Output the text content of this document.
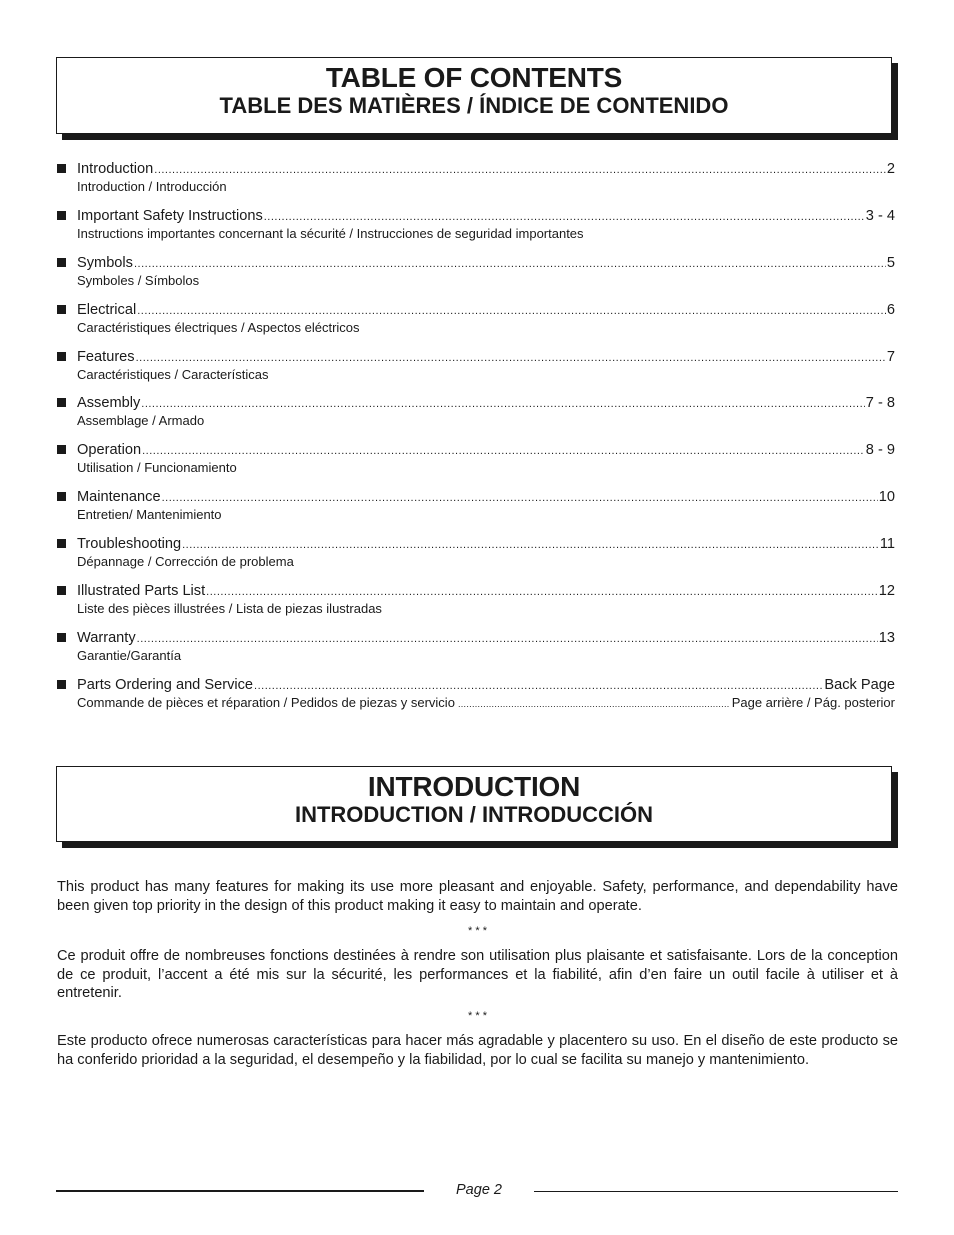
TABLE OF CONTENTS
TABLE DES MATIÈRES / ÍNDICE DE CONTENIDO
Introduction .....	2
Introduction / Introducción
Important Safety Instructions .....	3 - 4
Instructions importantes concernant la sécurité / Instrucciones de seguridad importantes
Symbols .....	5
Symboles / Símbolos
Electrical .....	6
Caractéristiques électriques / Aspectos eléctricos
Features .....	7
Caractéristiques / Características
Assembly .....	7 - 8
Assemblage / Armado
Operation .....	8 - 9
Utilisation / Funcionamiento
Maintenance .....	10
Entretien/ Mantenimiento
Troubleshooting .....	11
Dépannage / Corrección de problema
Illustrated Parts List .....	12
Liste des pièces illustrées / Lista de piezas ilustradas
Warranty .....	13
Garantie/Garantía
Parts Ordering and Service .....	Back Page
Commande de pièces et réparation / Pedidos de piezas y servicio .....	Page arrière / Pág. posterior
INTRODUCTION
INTRODUCTION / INTRODUCCIÓN
This product has many features for making its use more pleasant and enjoyable. Safety, performance, and dependability have been given top priority in the design of this product making it easy to maintain and operate.
* * *
Ce produit offre de nombreuses fonctions destinées à rendre son utilisation plus plaisante et satisfaisante. Lors de la conception de ce produit, l’accent a été mis sur la sécurité, les performances et la fiabilité, afin d’en faire un outil facile à utiliser et à entretenir.
* * *
Este producto ofrece numerosas características para hacer más agradable y placentero su uso. En el diseño de este producto se ha conferido prioridad a la seguridad, el desempeño y la fiabilidad, por lo cual se facilita su manejo y mantenimiento.
Page 2
